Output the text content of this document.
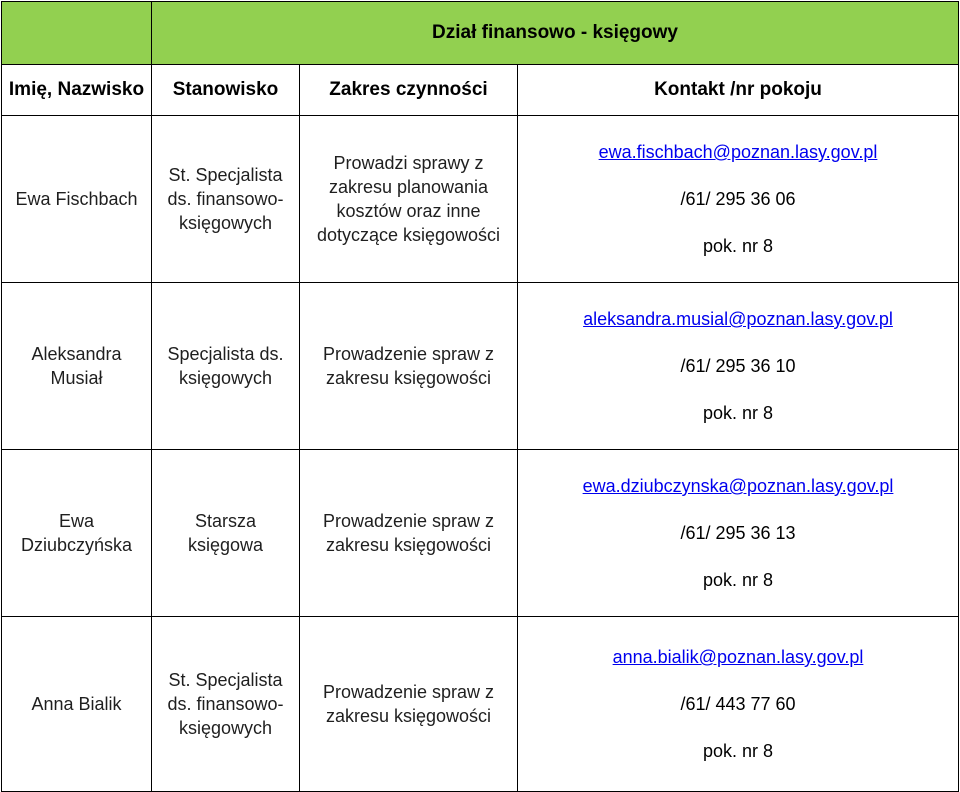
	Dział finansowo - księgowy		
Imię, Nazwisko	Stanowisko	Zakres czynności	Kontakt /nr pokoju
Ewa Fischbach	St. Specjalista ds. finansowo-księgowych	Prowadzi sprawy z zakresu planowania kosztów oraz inne dotyczące księgowości	ewa.fischbach@poznan.lasy.gov.pl
/61/ 295 36 06
pok. nr 8

Aleksandra Musiał	Specjalista ds. księgowych	Prowadzenie spraw z zakresu księgowości	aleksandra.musial@poznan.lasy.gov.pl
/61/ 295 36 10
pok. nr 8

Ewa Dziubczyńska	Starsza księgowa	Prowadzenie spraw z zakresu księgowości	ewa.dziubczynska@poznan.lasy.gov.pl
/61/ 295 36 13
pok. nr 8

Anna Bialik	St. Specjalista ds. finansowo-księgowych	Prowadzenie spraw z zakresu księgowości	anna.bialik@poznan.lasy.gov.pl
/61/ 443 77 60
pok. nr 8
